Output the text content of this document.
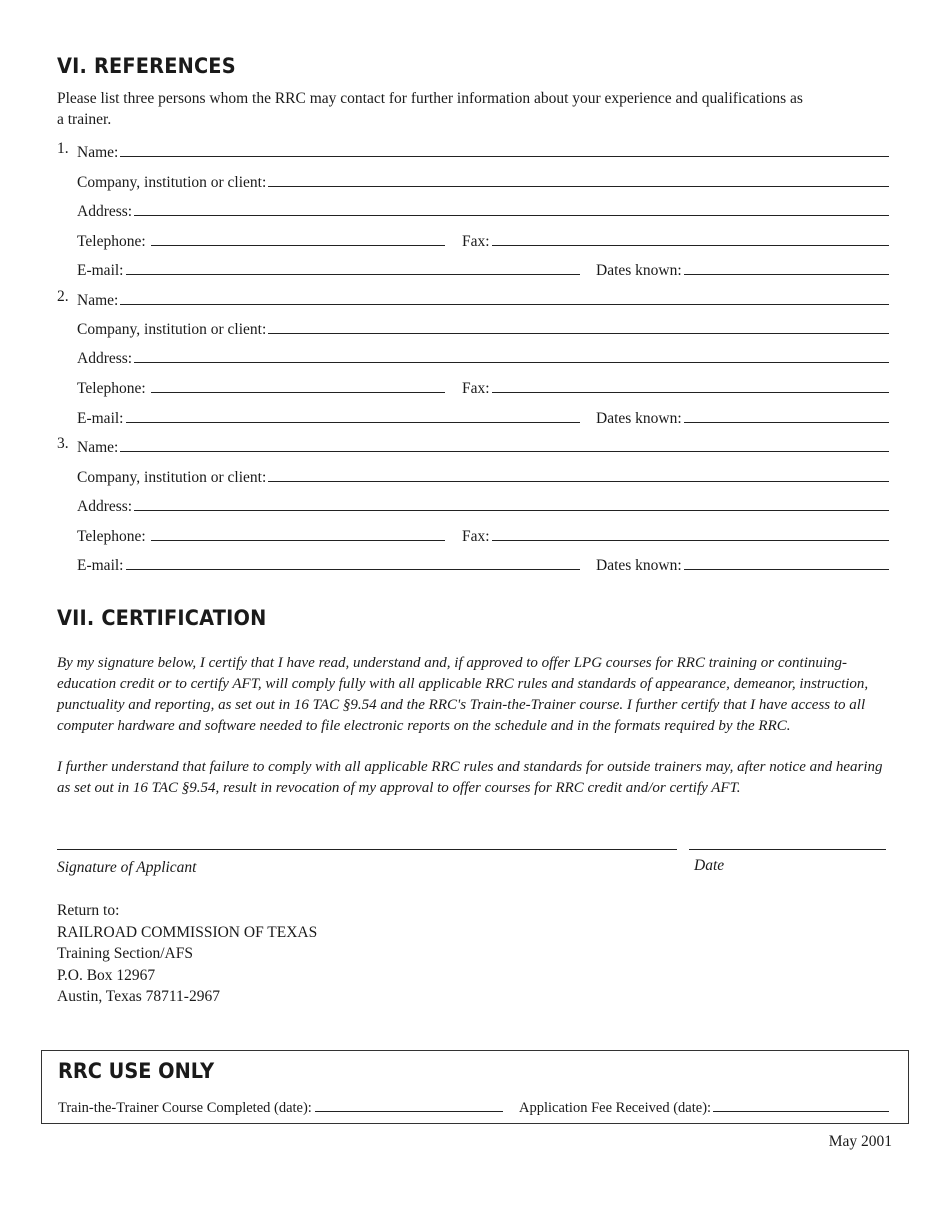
VI. REFERENCES

Please list three persons whom the RRC may contact for further information about your experience and qualifications as
a trainer.

1. Name:
Company, institution or client:
Address:
Telephone:	Fax:
E-mail:	Dates known:
2. Name:
Company, institution or client:
Address:
Telephone:	Fax:
E-mail:	Dates known:
3. Name:
Company, institution or client:
Address:
Telephone:	Fax:
E-mail:	Dates known:
VII. CERTIFICATION

By my signature below, I certify that I have read, understand and, if approved to offer LPG courses for RRC training or continuing-education credit or to certify AFT, will comply fully with all applicable RRC rules and standards of appearance, demeanor, instruction, punctuality and reporting, as set out in 16 TAC §9.54 and the RRC's Train-the-Trainer course. I further certify that I have access to all computer hardware and software needed to file electronic reports on the schedule and in the formats required by the RRC.

I further understand that failure to comply with all applicable RRC rules and standards for outside trainers may, after notice and hearing as set out in 16 TAC §9.54, result in revocation of my approval to offer courses for RRC credit and/or certify AFT.

Signature of Applicant	Date
Return to:
RAILROAD COMMISSION OF TEXAS
Training Section/AFS
P.O. Box 12967
Austin, Texas 78711-2967
RRC USE ONLY
Train-the-Trainer Course Completed (date):	Application Fee Received (date):
May 2001
